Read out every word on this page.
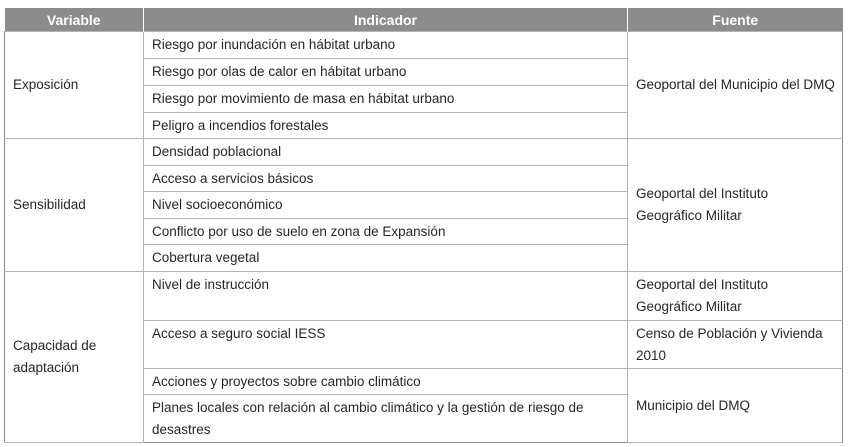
Variable	Indicador	Fuente
Exposición	Riesgo por inundación en hábitat urbano	Geoportal del Municipio del DMQ
	Riesgo por olas de calor en hábitat urbano	
	Riesgo por movimiento de masa en hábitat urbano	
	Peligro a incendios forestales	
Sensibilidad	Densidad poblacional	Geoportal del Instituto Geográfico Militar
	Acceso a servicios básicos	
	Nivel socioeconómico	
	Conflicto por uso de suelo en zona de Expansión	
	Cobertura vegetal	
Capacidad de adaptación	Nivel de instrucción	Geoportal del Instituto Geográfico Militar
	Acceso a seguro social IESS	Censo de Población y Vivienda 2010
	Acciones y proyectos sobre cambio climático	Municipio del DMQ
	Planes locales con relación al cambio climático y la gestión de riesgo de desastres	
